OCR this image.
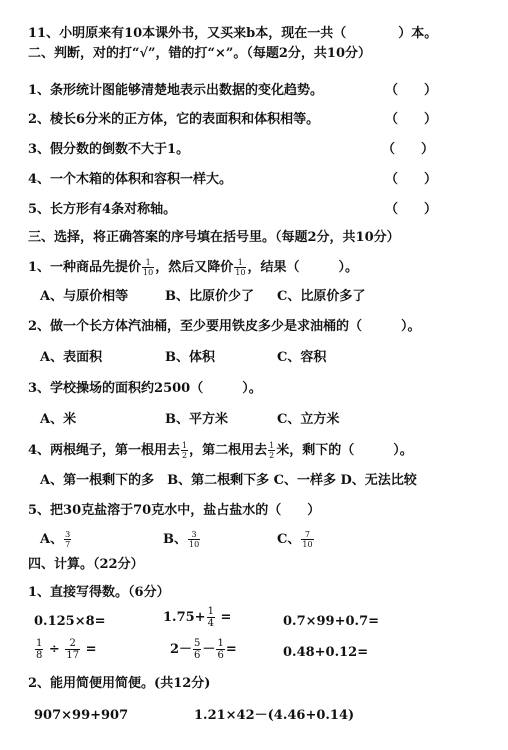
11、小明原来有10本课外书，又买来b本，现在一共（　　　　）本。
二、判断，对的打“√”，错的打“×”。（每题2分，共10分）
1、条形统计图能够清楚地表示出数据的变化趋势。	（　　）
2、棱长6分米的正方体，它的表面积和体积相等。	（　　）
3、假分数的倒数不大于1。	（　　）
4、一个木箱的体积和容积一样大。	（　　）
5、长方形有4条对称轴。	（　　）
三、选择，将正确答案的序号填在括号里。（每题2分，共10分）
1、一种商品先提价 $\frac{1}{10}$ ，然后又降价 $\frac{1}{10}$ ，结果（　　　）。
A、与原价相等	B、比原价少了 C、比原价多了
2、做一个长方体汽油桶，至少要用铁皮多少是求油桶的（　　　）。
A、表面积	B、体积	C、容积
3、学校操场的面积约2500（　　　）。
A、米	B、平方米	C、立方米
4、两根绳子，第一根用去 $\frac{1}{2}$ ，第二根用去 $\frac{1}{2}$ 米，剩下的（　　　）。
A、第一根剩下的多　B、第二根剩下多 C、一样多 D、无法比较
5、把30克盐溶于70克水中，盐占盐水的（　　）
A、 $\frac{3}{7}$	B、 $\frac{3}{10}$	C、 $\frac{7}{10}$
四、计算。（22分）
1、直接写得数。（6分）
0.125×8=	$1.75+ \frac{1}{4}$ =	0.7×99+0.7=
$\frac{1}{8} \div \frac{2}{17}$ =	$2- \frac{5}{6} - \frac{1}{6}$ =	0.48+0.12=
2、能用简便用简便。(共12分)
907×99+907	1.21×42－(4.46+0.14)
